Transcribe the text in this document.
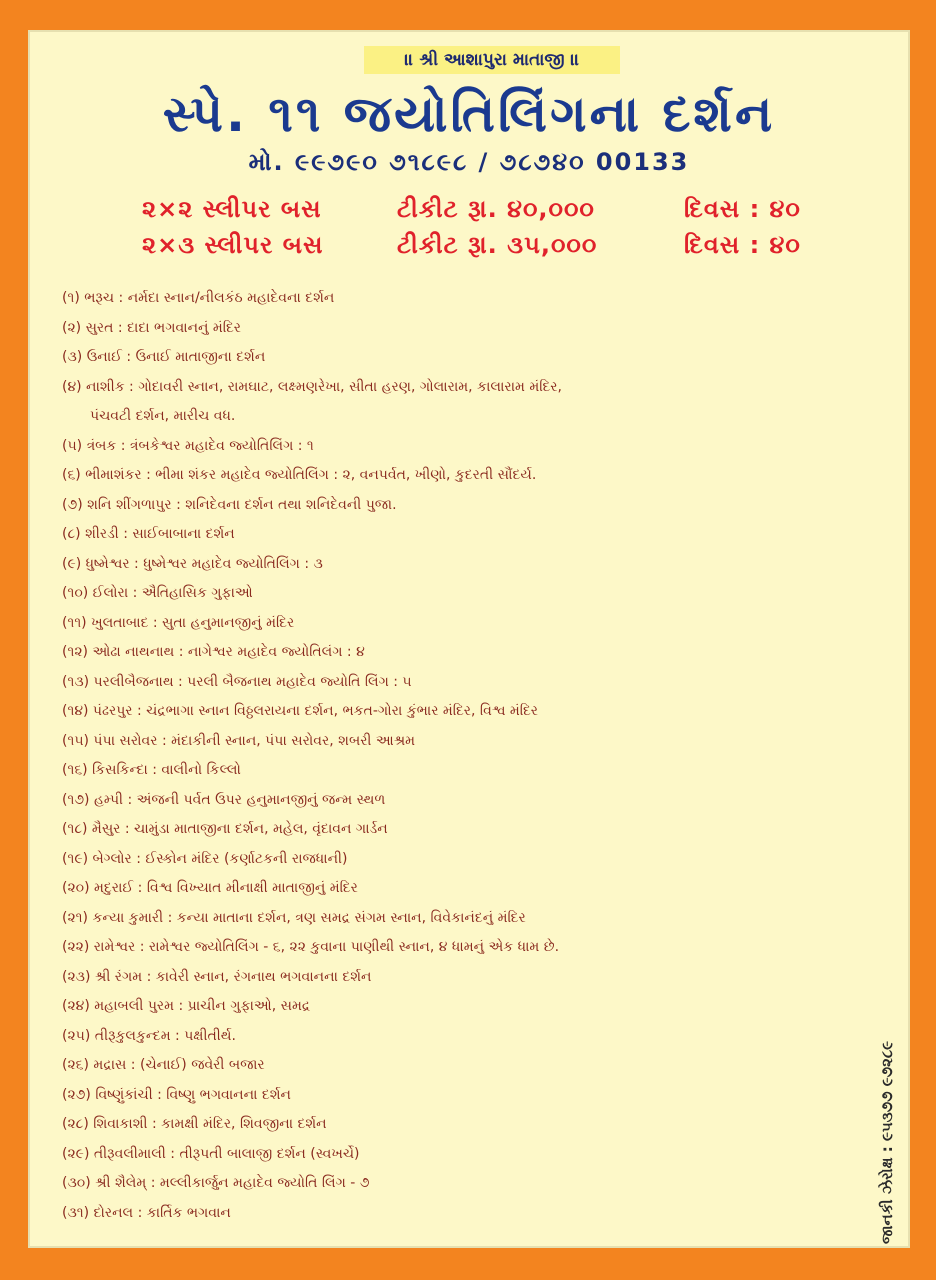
॥ શ્રી આશાપુરા માતાજી ॥
સ્પે. ૧૧ જયોતિલિંગના દર્શન
મો. ૯૯૭૯૦ ૭૧૮૯૮ / ૭૮૭૪૦ 00133
૨×૨ સ્લીપર બસ	ટીકીટ રૂા. ૪૦,૦૦૦	દિવસ : ૪૦
૨×૩ સ્લીપર બસ	ટીકીટ રૂા. ૩૫,૦૦૦	દિવસ : ૪૦
(૧) ભરૂચ : નર્મદા સ્નાન/નીલકંઠ મહાદેવના દર્શન
(૨) સુરત : દાદા ભગવાનનું મંદિર
(૩) ઉનાઈ : ઉનાઈ માતાજીના દર્શન
(૪) નાશીક : ગોદાવરી સ્નાન, રામઘાટ, લક્ષ્મણરેખા, સીતા હરણ, ગોલારામ, કાલારામ મંદિર,
પંચવટી દર્શન, મારીચ વધ.
(૫) ત્રંબક : ત્રંબકેશ્વર મહાદેવ જ્યોતિલિંગ : ૧
(૬) ભીમાશંકર : ભીમા શંકર મહાદેવ જ્યોતિલિંગ : ૨, વનપર્વત, ખીણો, કુદરતી સૌંદર્ય.
(૭) શનિ શીંગળાપુર : શનિદેવના દર્શન તથા શનિદેવની પુજા.
(૮) શીરડી : સાઈબાબાના દર્શન
(૯) ધુષ્મેશ્વર : ધુષ્મેશ્વર મહાદેવ જ્યોતિલિંગ : ૩
(૧૦) ઈલોરા : ઐતિહાસિક ગુફાઓ
(૧૧) ખુલતાબાદ : સુતા હનુમાનજીનું મંદિર
(૧૨) ઓઢા નાથનાથ : નાગેશ્વર મહાદેવ જ્યોતિલંગ : ૪
(૧૩) પરલીબૈજનાથ : પરલી બૈજનાથ મહાદેવ જ્યોતિ લિંગ : ૫
(૧૪) પંઢરપુર : ચંદ્રભાગા સ્નાન વિઠ્ઠલરાયના દર્શન, ભકત-ગોરા કુંભાર મંદિર, વિશ્વ મંદિર
(૧૫) પંપા સરોવર : મંદાકીની સ્નાન, પંપા સરોવર, શબરી આશ્રમ
(૧૬) કિસકિન્દા : વાલીનો કિલ્લો
(૧૭) હમ્પી : અંજની પર્વત ઉપર હનુમાનજીનું જન્મ સ્થળ
(૧૮) મૈસુર : ચામુંડા માતાજીના દર્શન, મહેલ, વૃંદાવન ગાર્ડન
(૧૯) બેગ્લોર : ઈસ્કોન મંદિર (કર્ણાટકની રાજધાની)
(૨૦) મદુરાઈ : વિશ્વ વિખ્યાત મીનાક્ષી માતાજીનું મંદિર
(૨૧) કન્યા કુમારી : કન્યા માતાના દર્શન, ત્રણ સમદ્ર સંગમ સ્નાન, વિવેકાનંદનું મંદિર
(૨૨) રામેશ્વર : રામેશ્વર જ્યોતિલિંગ - ૬, ૨૨ કુવાના પાણીથી સ્નાન, ૪ ધામનું એક ધામ છે.
(૨૩) શ્રી રંગમ : કાવેરી સ્નાન, રંગનાથ ભગવાનના દર્શન
(૨૪) મહાબલી પુરમ : પ્રાચીન ગુફાઓ, સમદ્ર
(૨૫) તીરૂકુલકુન્દમ : પક્ષીતીર્થ.
(૨૬) મદ્રાસ : (ચેનાઈ) જવેરી બજાર
(૨૭) વિષ્ણુંકાંચી : વિષ્ણુ ભગવાનના દર્શન
(૨૮) શિવાકાશી : કામક્ષી મંદિર, શિવજીના દર્શન
(૨૯) તીરૂવલીમાલી : તીરૂપતી બાલાજી દર્શન (સ્વખર્ચે)
(૩૦) શ્રી શૈલેમ્ : મલ્લીકાર્જુન મહાદેવ જ્યોતિ લિંગ - ૭
(૩૧) દોરનલ : કાર્તિક ભગવાન	જાનકી ઝેરોક્ષ : ૯૫૩૭૭ ૯૭૨૮૯
